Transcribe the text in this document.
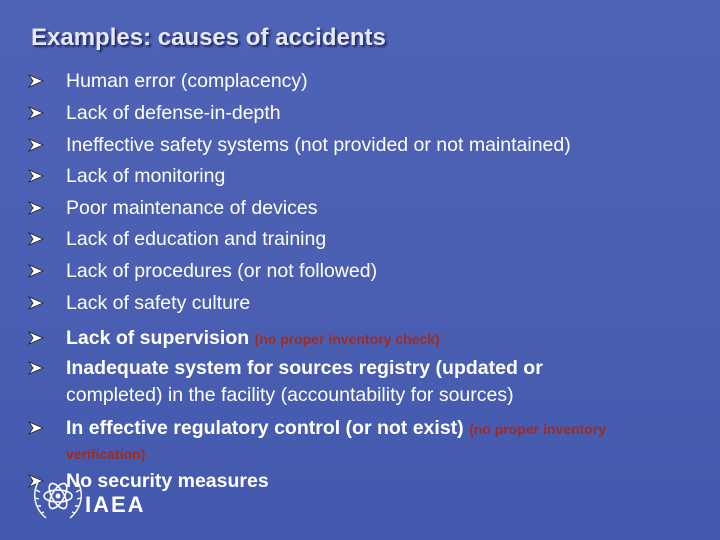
Examples: causes of accidents
Human error (complacency)
Lack of defense-in-depth
Ineffective safety systems (not provided or not maintained)
Lack of monitoring
Poor maintenance of devices
Lack of education and training
Lack of procedures (or not followed)
Lack of safety culture
Lack of supervision (no proper inventory check)
Inadequate system for sources registry (updated or
completed) in the facility (accountability for sources)
In effective regulatory control (or not exist) (no proper inventory
verification)
No security measures
IAEA
